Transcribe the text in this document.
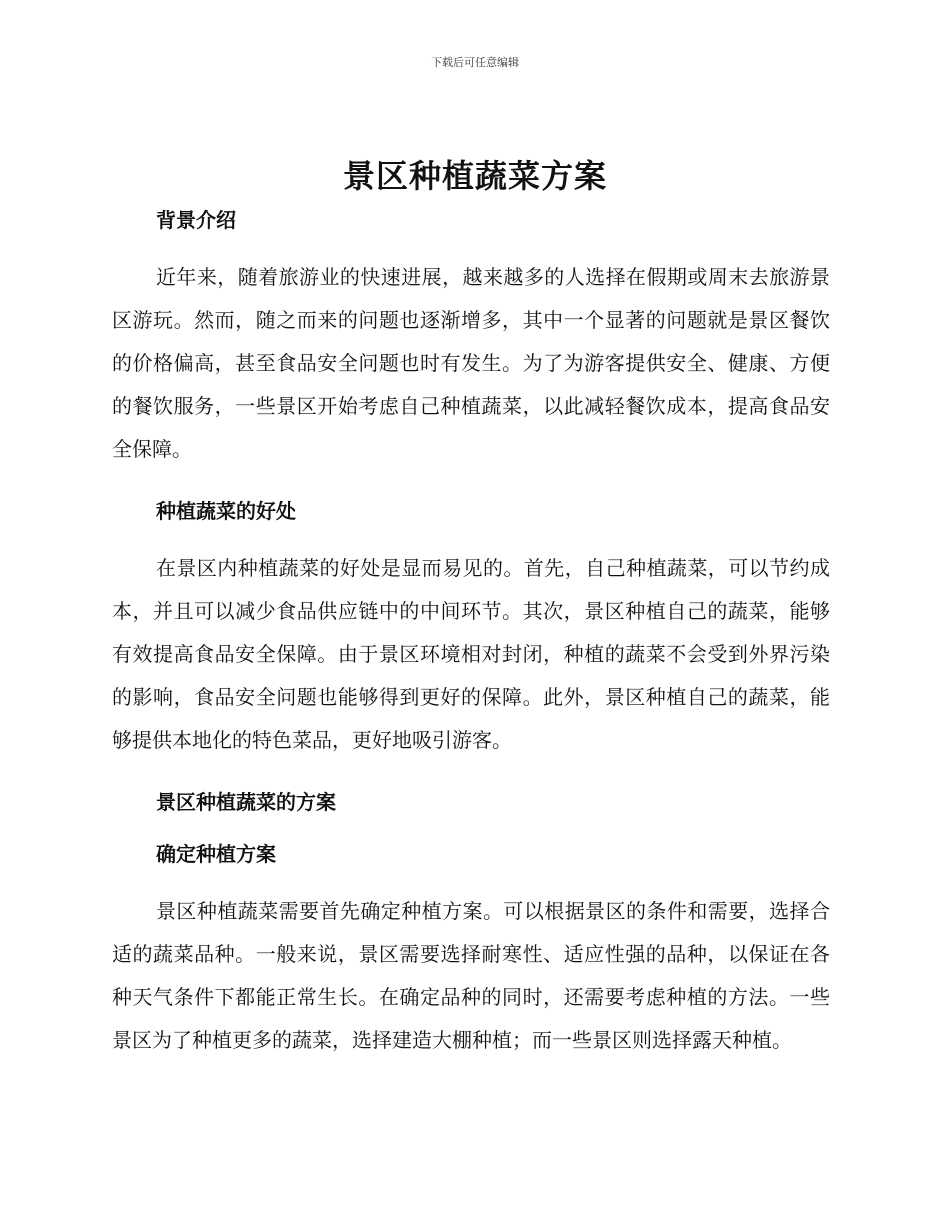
下载后可任意编辑
景区种植蔬菜方案

背景介绍

近年来，随着旅游业的快速进展，越来越多的人选择在假期或周末去旅游景区游玩。然而，随之而来的问题也逐渐增多，其中一个显著的问题就是景区餐饮的价格偏高，甚至食品安全问题也时有发生。为了为游客提供安全、健康、方便的餐饮服务，一些景区开始考虑自己种植蔬菜，以此减轻餐饮成本，提高食品安全保障。

种植蔬菜的好处

在景区内种植蔬菜的好处是显而易见的。首先，自己种植蔬菜，可以节约成本，并且可以减少食品供应链中的中间环节。其次，景区种植自己的蔬菜，能够有效提高食品安全保障。由于景区环境相对封闭，种植的蔬菜不会受到外界污染的影响，食品安全问题也能够得到更好的保障。此外，景区种植自己的蔬菜，能够提供本地化的特色菜品，更好地吸引游客。

景区种植蔬菜的方案

确定种植方案

景区种植蔬菜需要首先确定种植方案。可以根据景区的条件和需要，选择合适的蔬菜品种。一般来说，景区需要选择耐寒性、适应性强的品种，以保证在各种天气条件下都能正常生长。在确定品种的同时，还需要考虑种植的方法。一些景区为了种植更多的蔬菜，选择建造大棚种植；而一些景区则选择露天种植。
